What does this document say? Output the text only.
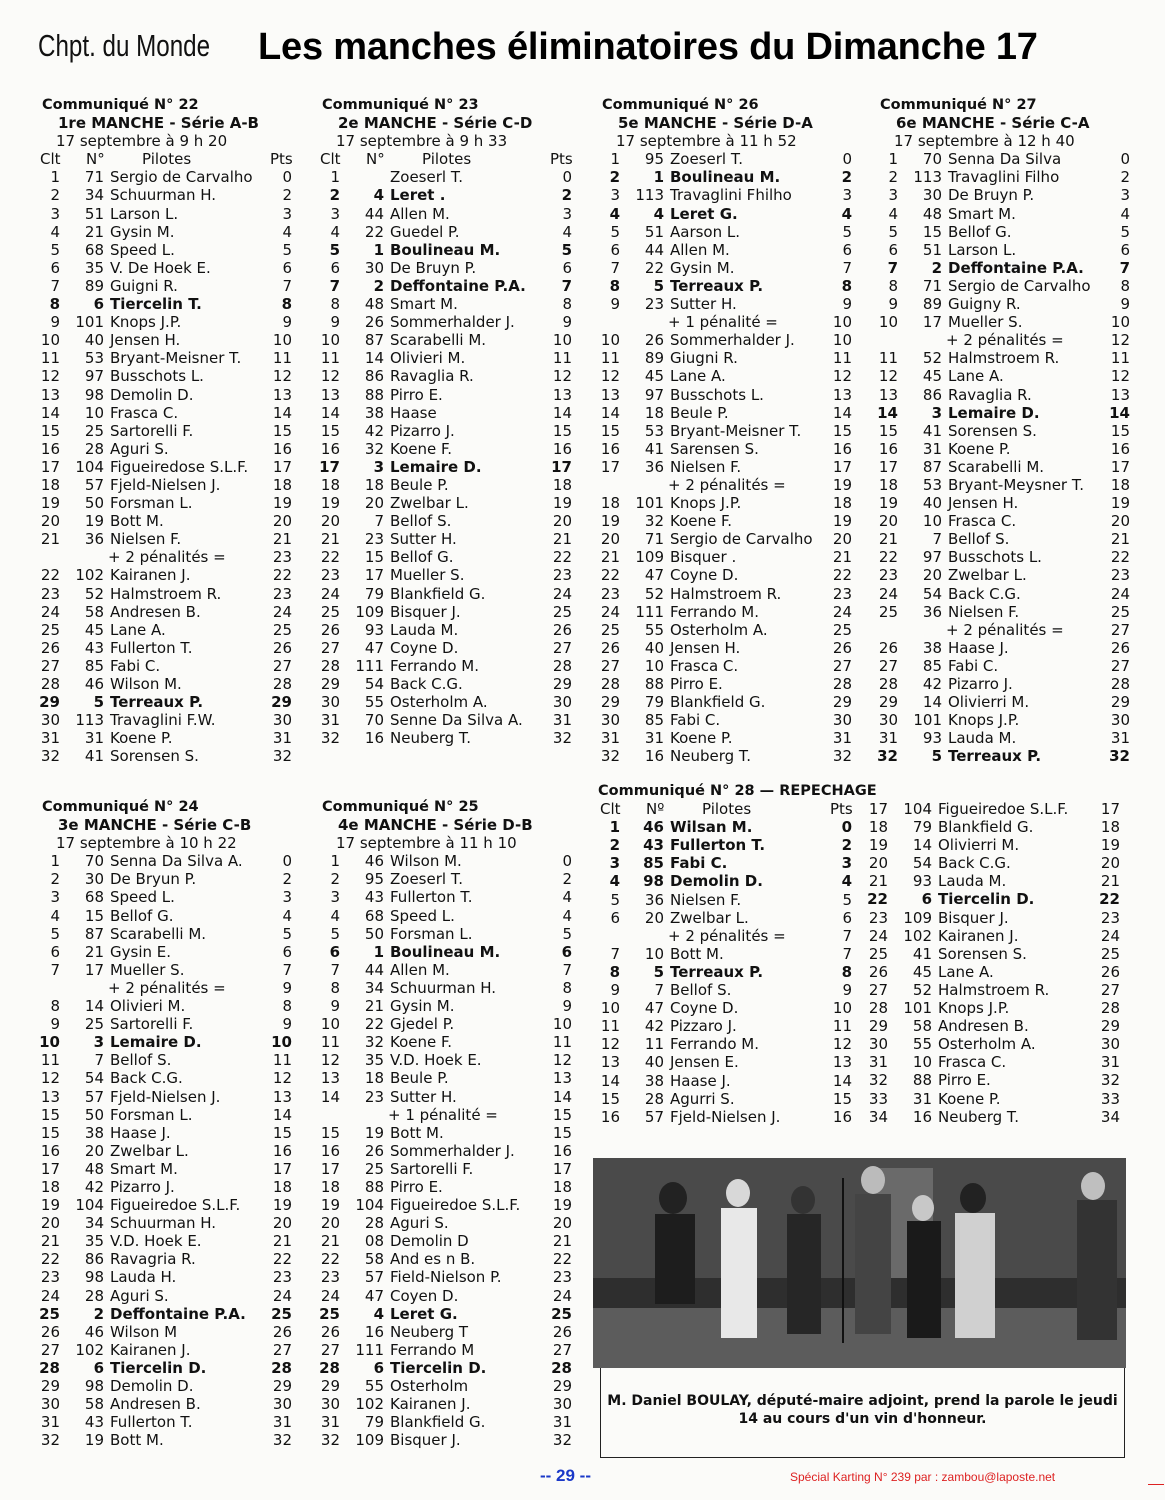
Chpt. du Monde Les manches éliminatoires du Dimanche 17
Communiqué N° 22
1re MANCHE - Série A-B
17 septembre à 9 h 20
Clt N° Pilotes	Pts
1	71 Sergio de Carvalho	0
2	34 Schuurman H.	2
3	51 Larson L.	3
4	21 Gysin M.	4
5	68 Speed L.	5
6	35 V. De Hoek E.	6
7	89 Guigni R.	7
8	6 Tiercelin T.	8
9	101 Knops J.P.	9
10	40 Jensen H.	10
11	53 Bryant-Meisner T.	11
12	97 Busschots L.	12
13	98 Demolin D.	13
14	10 Frasca C.	14
15	25 Sartorelli F.	15
16	28 Aguri S.	16
17	104 Figueiredose S.L.F.	17
18	57 Fjeld-Nielsen J.	18
19	50 Forsman L.	19
20	19 Bott M.	20
21	36 Nielsen F.	21
+ 2 pénalités =	23
22	102 Kairanen J.	22
23	52 Halmstroem R.	23
24	58 Andresen B.	24
25	45 Lane A.	25
26	43 Fullerton T.	26
27	85 Fabi C.	27
28	46 Wilson M.	28
29	5 Terreaux P.	29
30	113 Travaglini F.W.	30
31	31 Koene P.	31
32	41 Sorensen S.	32
Communiqué N° 23
2e MANCHE - Série C-D
17 septembre à 9 h 33
Clt N° Pilotes	Pts
1	Zoeserl T.	0
2	4 Leret .	2
3	44 Allen M.	3
4	22 Guedel P.	4
5	1 Boulineau M.	5
6	30 De Bruyn P.	6
7	2 Deffontaine P.A.	7
8	48 Smart M.	8
9	26 Sommerhalder J.	9
10	87 Scarabelli M.	10
11	14 Olivieri M.	11
12	86 Ravaglia R.	12
13	88 Pirro E.	13
14	38 Haase	14
15	42 Pizarro J.	15
16	32 Koene F.	16
17	3 Lemaire D.	17
18	18 Beule P.	18
19	20 Zwelbar L.	19
20	7 Bellof S.	20
21	23 Sutter H.	21
22	15 Bellof G.	22
23	17 Mueller S.	23
24	79 Blankfield G.	24
25	109 Bisquer J.	25
26	93 Lauda M.	26
27	47 Coyne D.	27
28	111 Ferrando M.	28
29	54 Back C.G.	29
30	55 Osterholm A.	30
31	70 Senne Da Silva A.	31
32	16 Neuberg T.	32
Communiqué N° 26
5e MANCHE - Série D-A
17 septembre à 11 h 52
1	95 Zoeserl T.	0
2	1 Boulineau M.	2
3	113 Travaglini Fhilho	3
4	4 Leret G.	4
5	51 Aarson L.	5
6	44 Allen M.	6
7	22 Gysin M.	7
8	5 Terreaux P.	8
9	23 Sutter H.	9
+ 1 pénalité =	10
10	26 Sommerhalder J.	10
11	89 Giugni R.	11
12	45 Lane A.	12
13	97 Busschots L.	13
14	18 Beule P.	14
15	53 Bryant-Meisner T.	15
16	41 Sarensen S.	16
17	36 Nielsen F.	17
+ 2 pénalités =	19
18	101 Knops J.P.	18
19	32 Koene F.	19
20	71 Sergio de Carvalho	20
21	109 Bisquer .	21
22	47 Coyne D.	22
23	52 Halmstroem R.	23
24	111 Ferrando M.	24
25	55 Osterholm A.	25
26	40 Jensen H.	26
27	10 Frasca C.	27
28	88 Pirro E.	28
29	79 Blankfield G.	29
30	85 Fabi C.	30
31	31 Koene P.	31
32	16 Neuberg T.	32
Communiqué N° 27
6e MANCHE - Série C-A
17 septembre à 12 h 40
1	70 Senna Da Silva	0
2	113 Travaglini Filho	2
3	30 De Bruyn P.	3
4	48 Smart M.	4
5	15 Bellof G.	5
6	51 Larson L.	6
7	2 Deffontaine P.A.	7
8	71 Sergio de Carvalho	8
9	89 Guigny R.	9
10	17 Mueller S.	10
+ 2 pénalités =	12
11	52 Halmstroem R.	11
12	45 Lane A.	12
13	86 Ravaglia R.	13
14	3 Lemaire D.	14
15	41 Sorensen S.	15
16	31 Koene P.	16
17	87 Scarabelli M.	17
18	53 Bryant-Meysner T.	18
19	40 Jensen H.	19
20	10 Frasca C.	20
21	7 Bellof S.	21
22	97 Busschots L.	22
23	20 Zwelbar L.	23
24	54 Back C.G.	24
25	36 Nielsen F.	25
+ 2 pénalités =	27
26	38 Haase J.	26
27	85 Fabi C.	27
28	42 Pizarro J.	28
29	14 Olivierri M.	29
30	101 Knops J.P.	30
31	93 Lauda M.	31
32	5 Terreaux P.	32
Communiqué N° 24
3e MANCHE - Série C-B
17 septembre à 10 h 22
1	70 Senna Da Silva A.	0
2	30 De Bryun P.	2
3	68 Speed L.	3
4	15 Bellof G.	4
5	87 Scarabelli M.	5
6	21 Gysin E.	6
7	17 Mueller S.	7
+ 2 pénalités =	9
8	14 Olivieri M.	8
9	25 Sartorelli F.	9
10	3 Lemaire D.	10
11	7 Bellof S.	11
12	54 Back C.G.	12
13	57 Fjeld-Nielsen J.	13
15	50 Forsman L.	14
15	38 Haase J.	15
16	20 Zwelbar L.	16
17	48 Smart M.	17
18	42 Pizarro J.	18
19	104 Figueiredoe S.L.F.	19
20	34 Schuurman H.	20
21	35 V.D. Hoek E.	21
22	86 Ravagria R.	22
23	98 Lauda H.	23
24	28 Aguri S.	24
25	2 Deffontaine P.A.	25
26	46 Wilson M	26
27	102 Kairanen J.	27
28	6 Tiercelin D.	28
29	98 Demolin D.	29
30	58 Andresen B.	30
31	43 Fullerton T.	31
32	19 Bott M.	32
Communiqué N° 25
4e MANCHE - Série D-B
17 septembre à 11 h 10
1	46 Wilson M.	0
2	95 Zoeserl T.	2
3	43 Fullerton T.	4
4	68 Speed L.	4
5	50 Forsman L.	5
6	1 Boulineau M.	6
7	44 Allen M.	7
8	34 Schuurman H.	8
9	21 Gysin M.	9
10	22 Gjedel P.	10
11	32 Koene F.	11
12	35 V.D. Hoek E.	12
13	18 Beule P.	13
14	23 Sutter H.	14
+ 1 pénalité =	15
15	19 Bott M.	15
16	26 Sommerhalder J.	16
17	25 Sartorelli F.	17
18	88 Pirro E.	18
19	104 Figueiredoe S.L.F.	19
20	28 Aguri S.	20
21	08 Demolin D	21
22	58 And es n B.	22
23	57 Field-Nielson P.	23
24	47 Coyen D.	24
25	4 Leret G.	25
26	16 Neuberg T	26
27	111 Ferrando M	27
28	6 Tiercelin D.	28
29	55 Osterholm	29
30	102 Kairanen J.	30
31	79 Blankfield G.	31
32	109 Bisquer J.	32
Communiqué N° 28 — REPECHAGE
Clt Nº	Pilotes	Pts
1	46 Wilsan M.	0
2	43 Fullerton T.	2
3	85 Fabi C.	3
4	98 Demolin D.	4
5	36 Nielsen F.	5
6	20 Zwelbar L.	6
+ 2 pénalités =	7
7	10 Bott M.	7
8	5 Terreaux P.	8
9	7 Bellof S.	9
10	47 Coyne D.	10
11	42 Pizzaro J.	11
12	11 Ferrando M.	12
13	40 Jensen E.	13
14	38 Haase J.	14
15	28 Agurri S.	15
16	57 Fjeld-Nielsen J.	16
17	104 Figueiredoe S.L.F.	17
18	79 Blankfield G.	18
19	14 Olivierri M.	19
20	54 Back C.G.	20
21	93 Lauda M.	21
22	6 Tiercelin D.	22
23	109 Bisquer J.	23
24	102 Kairanen J.	24
25	41 Sorensen S.	25
26	45 Lane A.	26
27	52 Halmstroem R.	27
28	101 Knops J.P.	28
29	58 Andresen B.	29
30	55 Osterholm A.	30
31	10 Frasca C.	31
32	88 Pirro E.	32
33	31 Koene P.	33
34	16 Neuberg T.	34
M. Daniel BOULAY, député-maire adjoint, prend la parole le jeudi 14 au cours d'un vin d'honneur.
-- 29 --	Spécial Karting N° 239 par : zambou@laposte.net
